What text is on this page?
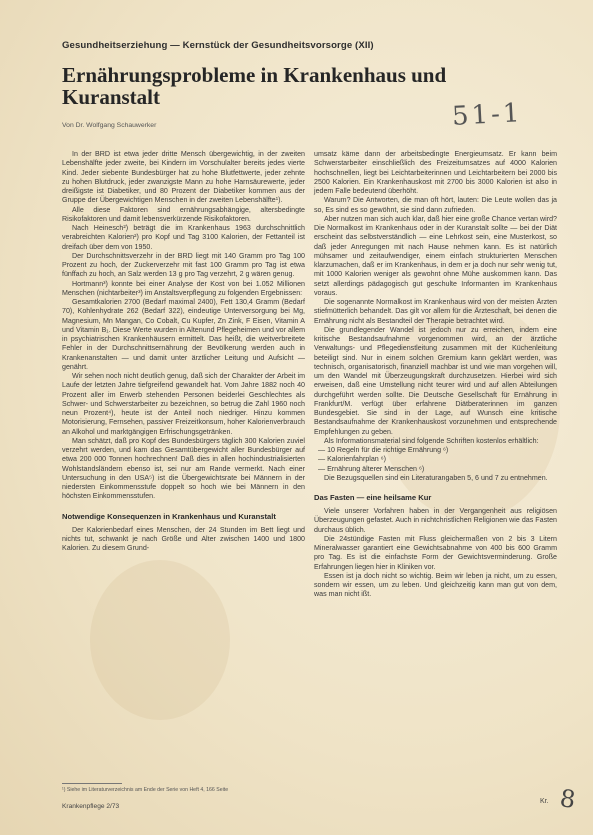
Gesundheitserziehung — Kernstück der Gesundheitsvorsorge (XII)
Ernährungsprobleme in Krankenhaus und Kuranstalt
Von Dr. Wolfgang Schauwerker	51-1

In der BRD ist etwa jeder dritte Mensch übergewichtig, in der zweiten Lebenshälfte jeder zweite, bei Kindern im Vorschulalter bereits jedes vierte Kind. Jeder siebente Bundesbürger hat zu hohe Blutfettwerte, jeder zehnte zu hohen Blutdruck, jeder zwanzigste Mann zu hohe Harnsäurewerte, jeder dreißigste ist Diabetiker, und 80 Prozent der Diabetiker kommen aus der Gruppe der Übergewichtigen Menschen in der zweiten Lebenshälfte¹).

Alle diese Faktoren sind ernährungsabhängige, altersbedingte Risikofaktoren und damit lebensverkürzende Risikofaktoren.

Nach Heinesch²) beträgt die im Krankenhaus 1963 durchschnittlich verabreichten Kalorien²) pro Kopf und Tag 3100 Kalorien, der Fettanteil ist dreifach über dem von 1950.

Der Durchschnittsverzehr in der BRD liegt mit 140 Gramm pro Tag 100 Prozent zu hoch, der Zuckerverzehr mit fast 100 Gramm pro Tag ist etwa fünffach zu hoch, an Salz werden 13 g pro Tag verzehrt, 2 g wären genug.

Hortmann³) konnte bei einer Analyse der Kost von bei 1.052 Millionen Menschen (nichtarbeiter³) im Anstaltsverpflegung zu folgenden Ergebnissen:

Gesamtkalorien 2700 (Bedarf maximal 2400), Fett 130,4 Gramm (Bedarf 70), Kohlenhydrate 262 (Bedarf 322), eindeutige Unterversorgung bei Mg, Magnesium, Mn Mangan, Co Cobalt, Cu Kupfer, Zn Zink, F Eisen, Vitamin A und Vitamin B₁. Diese Werte wurden in Altenund Pflegeheimen und vor allem in psychiatrischen Krankenhäusern ermittelt. Das heißt, die weitverbreitete Fehler in der Durchschnittsernährung der Bevölkerung werden auch in Krankenanstalten — und damit unter ärztlicher Leitung und Aufsicht — genährt.

Wir sehen noch nicht deutlich genug, daß sich der Charakter der Arbeit im Laufe der letzten Jahre tiefgreifend gewandelt hat. Vom Jahre 1882 noch 40 Prozent aller im Erwerb stehenden Personen beiderlei Geschlechtes als Schwer- und Schwerstarbeiter zu bezeichnen, so betrug die Zahl 1960 noch neun Prozent⁴), heute ist der Anteil noch niedriger. Hinzu kommen Motorisierung, Fernsehen, passiver Freizeitkonsum, hoher Kalorienverbrauch an Alkohol und marktgängigen Erfrischungsgetränken.

Man schätzt, daß pro Kopf des Bundesbürgers täglich 300 Kalorien zuviel verzehrt werden, und kam das Gesamtübergewicht aller Bundesbürger auf etwa 200 000 Tonnen hochrechnen! Daß dies in allen hochindustrialisierten Wohlstandsländern ebenso ist, sei nur am Rande vermerkt. Nach einer Untersuchung in den USA⁵) ist die Übergewichtsrate bei Männern in der niedersten Einkommensstufe doppelt so hoch wie bei Männern in den höchsten Einkommensstufen.

Notwendige Konsequenzen in Krankenhaus und Kuranstalt

Der Kalorienbedarf eines Menschen, der 24 Stunden im Bett liegt und nichts tut, schwankt je nach Größe und Alter zwischen 1400 und 1800 Kalorien. Zu diesem Grund-

umsatz käme dann der arbeitsbedingte Energieumsatz. Er kann beim Schwerstarbeiter einschließlich des Freizeitumsatzes auf 4000 Kalorien hochschnellen, liegt bei Leichtarbeiterinnen und Leichtarbeitern bei 2000 bis 2500 Kalorien. Ein Krankenhauskost mit 2700 bis 3000 Kalorien ist also in jedem Falle bedeutend überhöht.

Warum? Die Antworten, die man oft hört, lauten: Die Leute wollen das ja so, Es sind es so gewöhnt, sie sind dann zufrieden.

Aber nutzen man sich auch klar, daß hier eine große Chance vertan wird? Die Normalkost im Krankenhaus oder in der Kuranstalt sollte — bei der Diät erscheint das selbstverständlich — eine Lehrkost sein, eine Musterkost, so daß jeder Anregungen mit nach Hause nehmen kann. Es ist natürlich mühsamer und zeitaufwendiger, einem einfach strukturierten Menschen klarzumachen, daß er im Krankenhaus, in dem er ja doch nur sehr wenig tut, mit 1000 Kalorien weniger als gewohnt ohne Mühe auskommen kann. Das setzt allerdings pädagogisch gut geschulte Informanten im Krankenhaus voraus.

Die sogenannte Normalkost im Krankenhaus wird von der meisten Ärzten stiefmütterlich behandelt. Das gilt vor allem für die Ärzteschaft, bei denen die Ernährung nicht als Bestandteil der Therapie betrachtet wird.

Die grundlegender Wandel ist jedoch nur zu erreichen, indem eine kritische Bestandsaufnahme vorgenommen wird, an der ärztliche Verwaltungs- und Pflegedienstleitung zusammen mit der Küchenleitung beteiligt sind. Nur in einem solchen Gremium kann geklärt werden, was technisch, organisatorisch, finanziell machbar ist und wie man vorgehen will, um den Wandel mit Überzeugungskraft durchzusetzen. Hierbei wird sich erweisen, daß eine Umstellung nicht teurer wird und auf allen Abteilungen durchgeführt werden sollte. Die Deutsche Gesellschaft für Ernährung in Frankfurt/M. verfügt über erfahrene Diätberaterinnen im ganzen Bundesgebiet. Sie sind in der Lage, auf Wunsch eine kritische Bestandsaufnahme der Krankenhauskost vorzunehmen und entsprechende Empfehlungen zu geben.

Als Informationsmaterial sind folgende Schriften kostenlos erhältlich:

— 10 Regeln für die richtige Ernährung ⁶)

— Kalorienfahrplan ⁶)

— Ernährung älterer Menschen ⁶)

Die Bezugsquellen sind ein Literaturangaben 5, 6 und 7 zu entnehmen.

Das Fasten — eine heilsame Kur

Viele unserer Vorfahren haben in der Vergangenheit aus religiösen Überzeugungen gefastet. Auch in nichtchristlichen Religionen wie das Fasten durchaus üblich.

Die 24stündige Fasten mit Fluss gleichermaßen von 2 bis 3 Litern Mineralwasser garantiert eine Gewichtsabnahme von 400 bis 600 Gramm pro Tag. Es ist die einfachste Form der Gewichtsverminderung. Große Erfahrungen liegen hier in Kliniken vor.

Essen ist ja doch nicht so wichtig. Beim wir leben ja nicht, um zu essen, sondern wir essen, um zu leben. Und gleichzeitig kann man gut von dem, was man nicht ißt.

¹) Siehe im Literaturverzeichnis am Ende der Serie von Heft 4, 166 Seite
Krankenpflege 2/73
Kr. 8
